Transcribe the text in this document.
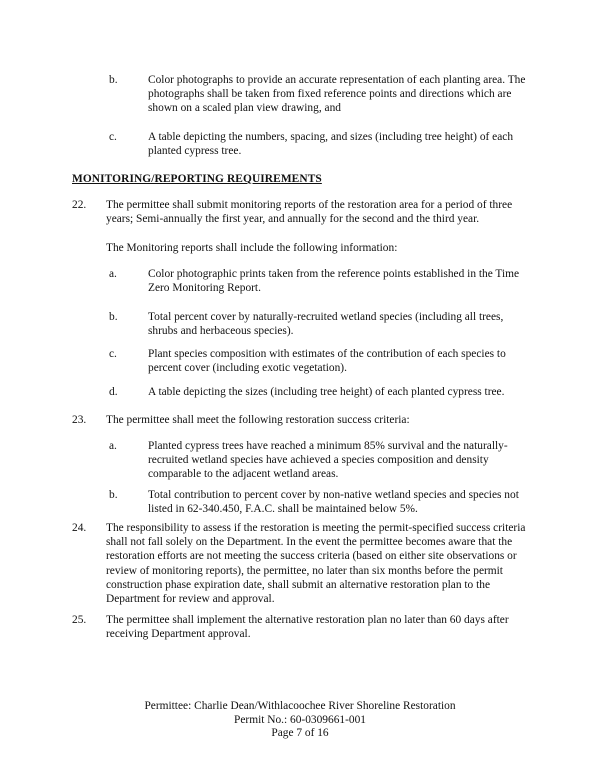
b.	Color photographs to provide an accurate representation of each planting area. The photographs shall be taken from fixed reference points and directions which are shown on a scaled plan view drawing, and
c.	A table depicting the numbers, spacing, and sizes (including tree height) of each planted cypress tree.
MONITORING/REPORTING REQUIREMENTS
22. The permittee shall submit monitoring reports of the restoration area for a period of three years; Semi-annually the first year, and annually for the second and the third year.
The Monitoring reports shall include the following information:
a.	Color photographic prints taken from the reference points established in the Time Zero Monitoring Report.
b.	Total percent cover by naturally-recruited wetland species (including all trees, shrubs and herbaceous species).
c.	Plant species composition with estimates of the contribution of each species to percent cover (including exotic vegetation).
d.	A table depicting the sizes (including tree height) of each planted cypress tree.
23. The permittee shall meet the following restoration success criteria:
a.	Planted cypress trees have reached a minimum 85% survival and the naturally-recruited wetland species have achieved a species composition and density comparable to the adjacent wetland areas.
b.	Total contribution to percent cover by non-native wetland species and species not listed in 62-340.450, F.A.C. shall be maintained below 5%.
24. The responsibility to assess if the restoration is meeting the permit-specified success criteria shall not fall solely on the Department. In the event the permittee becomes aware that the restoration efforts are not meeting the success criteria (based on either site observations or review of monitoring reports), the permittee, no later than six months before the permit construction phase expiration date, shall submit an alternative restoration plan to the Department for review and approval.
25. The permittee shall implement the alternative restoration plan no later than 60 days after receiving Department approval.
Permittee: Charlie Dean/Withlacoochee River Shoreline Restoration
Permit No.: 60-0309661-001
Page 7 of 16
